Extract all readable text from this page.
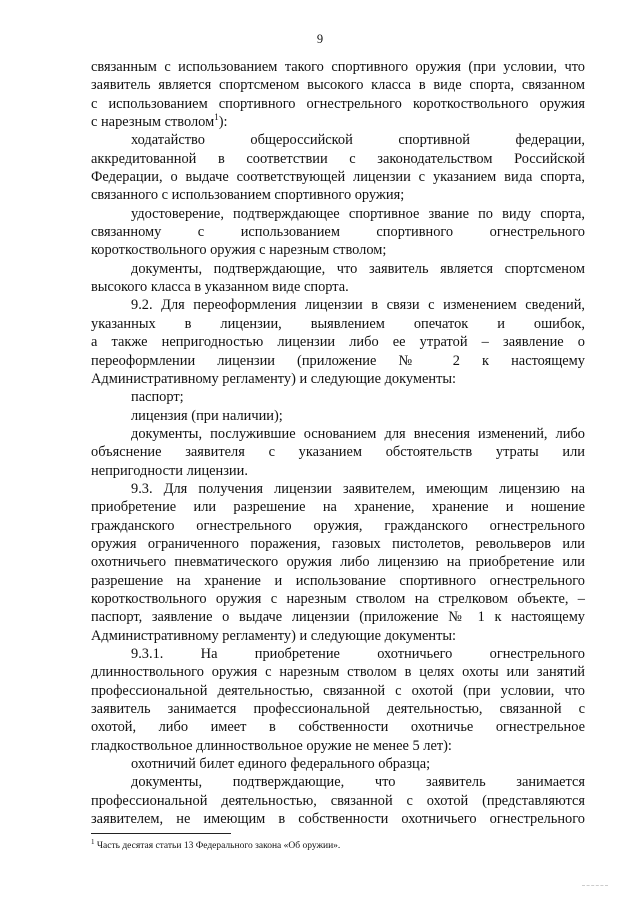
9
связанным с использованием такого спортивного оружия (при условии, что
заявитель является спортсменом высокого класса в виде спорта, связанном
с использованием спортивного огнестрельного короткоствольного оружия
с нарезным стволом$^1$):
ходатайство общероссийской спортивной федерации,
аккредитованной в соответствии с законодательством Российской
Федерации, о выдаче соответствующей лицензии с указанием вида спорта,
связанного с использованием спортивного оружия;
удостоверение, подтверждающее спортивное звание по виду спорта,
связанному с использованием спортивного огнестрельного
короткоствольного оружия с нарезным стволом;
документы, подтверждающие, что заявитель является спортсменом
высокого класса в указанном виде спорта.
9.2. Для переоформления лицензии в связи с изменением сведений,
указанных в лицензии, выявлением опечаток и ошибок,
а также непригодностью лицензии либо ее утратой – заявление о
переоформлении лицензии (приложение № 2 к настоящему
Административному регламенту) и следующие документы:
паспорт;
лицензия (при наличии);
документы, послужившие основанием для внесения изменений, либо
объяснение заявителя с указанием обстоятельств утраты или
непригодности лицензии.
9.3. Для получения лицензии заявителем, имеющим лицензию на
приобретение или разрешение на хранение, хранение и ношение
гражданского огнестрельного оружия, гражданского огнестрельного
оружия ограниченного поражения, газовых пистолетов, револьверов или
охотничьего пневматического оружия либо лицензию на приобретение или
разрешение на хранение и использование спортивного огнестрельного
короткоствольного оружия с нарезным стволом на стрелковом объекте, –
паспорт, заявление о выдаче лицензии (приложение № 1 к настоящему
Административному регламенту) и следующие документы:
9.3.1. На приобретение охотничьего огнестрельного
длинноствольного оружия с нарезным стволом в целях охоты или занятий
профессиональной деятельностью, связанной с охотой (при условии, что
заявитель занимается профессиональной деятельностью, связанной с
охотой, либо имеет в собственности охотничье огнестрельное
гладкоствольное длинноствольное оружие не менее 5 лет):
охотничий билет единого федерального образца;
документы, подтверждающие, что заявитель занимается
профессиональной деятельностью, связанной с охотой (представляются
заявителем, не имеющим в собственности охотничьего огнестрельного
$^1$ Часть десятая статьи 13 Федерального закона «Об оружии».
